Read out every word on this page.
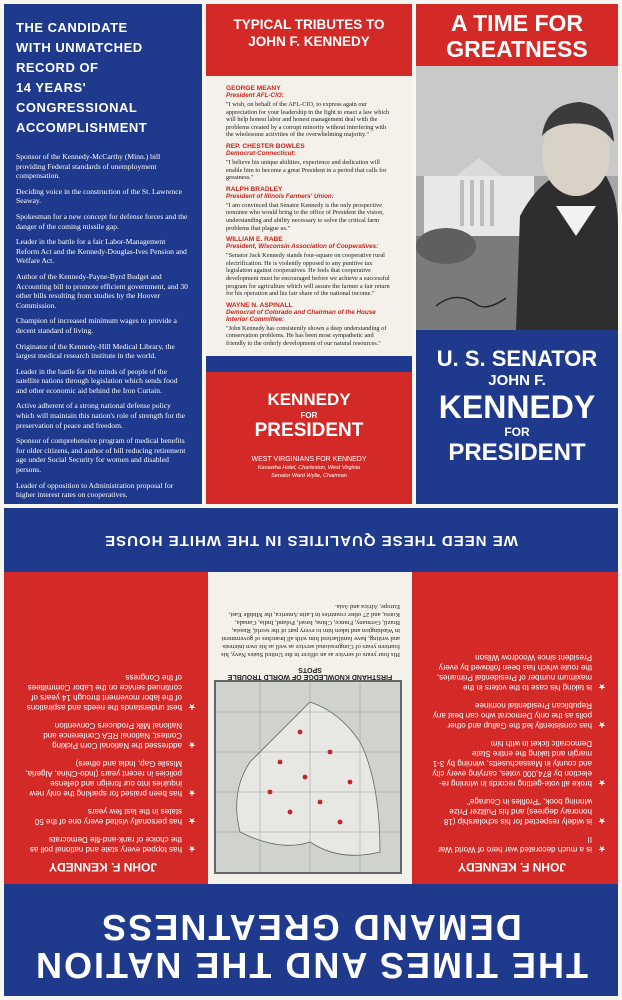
THE CANDIDATE
WITH UNMATCHED
RECORD OF
14 YEARS'
CONGRESSIONAL
ACCOMPLISHMENT

Sponsor of the Kennedy-McCarthy (Minn.) bill providing Federal standards of unemployment compensation.

Deciding voice in the construction of the St. Lawrence Seaway.

Spokesman for a new concept for defense forces and the danger of the coming missile gap.

Leader in the battle for a fair Labor-Management Reform Act and the Kennedy-Douglas-Ives Pension and Welfare Act.

Author of the Kennedy-Payne-Byrd Budget and Accounting bill to promote efficient government, and 30 other bills resulting from studies by the Hoover Commission.

Champion of increased minimum wages to provide a decent standard of living.

Originator of the Kennedy-Hill Medical Library, the largest medical research institute in the world.

Leader in the battle for the minds of people of the satellite nations through legislation which sends food and other economic aid behind the Iron Curtain.

Active adherent of a strong national defense policy which will maintain this nation's role of strength for the preservation of peace and freedom.

Sponsor of comprehensive program of medical benefits for older citizens, and author of bill reducing retirement age under Social Security for women and disabled persons.

Leader of opposition to Administration proposal for higher interest rates on cooperatives.

TYPICAL TRIBUTES TO
JOHN F. KENNEDY
GEORGE MEANY
President AFL-CIO:
"I wish, on behalf of the AFL-CIO, to express again our appreciation for your leadership in the fight to enact a law which will help honest labor and honest management deal with the problems created by a corrupt minority without interfering with the wholesome activities of the overwhelming majority."
REP. CHESTER BOWLES
Democrat-Connecticut:
"I believe his unique abilities, experience and dedication will enable him to become a great President in a period that calls for greatness."
RALPH BRADLEY
President of Illinois Farmers' Union:
"I am convinced that Senator Kennedy is the only prospective nominee who would bring to the office of President the vision, understanding and ability necessary to solve the critical farm problems that plague us."
WILLIAM E. RABE
President, Wisconsin Association of Cooperatives:
"Senator Jack Kennedy stands four-square on cooperative rural electrification. He is violently opposed to any punitive tax legislation against cooperatives. He feels that cooperative development must be encouraged before we achieve a successful program for agriculture which will assure the farmer a fair return for his operation and his fair share of the national income."
WAYNE N. ASPINALL
Democrat of Colorado and Chairman of the House Interior Committee:
"John Kennedy has consistently shown a deep understanding of conservation problems. He has been most sympathetic and friendly to the orderly development of our natural resources."
KENNEDY
FOR
PRESIDENT
WEST VIRGINIANS FOR KENNEDY
Kanawha Hotel, Charleston, West Virginia
Senator Ward Wylie, Chairman
A TIME FOR
GREATNESS
U. S. SENATOR
JOHN F.
KENNEDY
FOR
PRESIDENT
THE TIMES AND THE NATION
DEMAND GREATNESS
JOHN F. KENNEDY
★
is a much decorated war hero of World War II
★
is widely respected for his scholarship (18 honorary degrees) and his Pulitzer Prize winning book, "Profiles in Courage"
★
broke all vote-getting records in winning re-election by 874,000 votes, carrying every city and county in Massachusetts, winning by 3-1 margin and taking the entire State Democratic ticket in with him
★
has consistently led the Gallup and other polls as the only Democrat who can beat any Republican Presidential nominee
★
is taking his case to the voters in the maximum number of Presidential Primaries, the route which has been followed by every President since Woodrow Wilson
FIRSTHAND KNOWLEDGE OF WORLD TROUBLE SPOTS
His four years of service as an officer in the United States Navy, his fourteen years of Congressional service as well as his own interests and writing, have familiarized him with all branches of government in Washington and taken him to every part of the world, Russia, Brazil, Germany, France, China, Israel, Poland, India, Canada, Korea, and 27 other countries in Latin America, the Middle East, Europe, Africa and Asia.
JOHN F. KENNEDY
★
has topped every state and national poll as the choice of rank-and-file Democrats
★
has personally visited every one of the 50 states in the last few years
★
has been praised for sparking the only new inquiries into our foreign and defense policies in recent years (Indo-China, Algeria, Missile Gap, India and others)
★
addressed the National Corn Picking Contest, National REA Conference and National Milk Producers Convention
★
best understands the needs and aspirations of the labor movement through 14 years of continued service on the Labor Committees of the Congress
WE NEED THESE QUALITIES IN THE WHITE HOUSE
